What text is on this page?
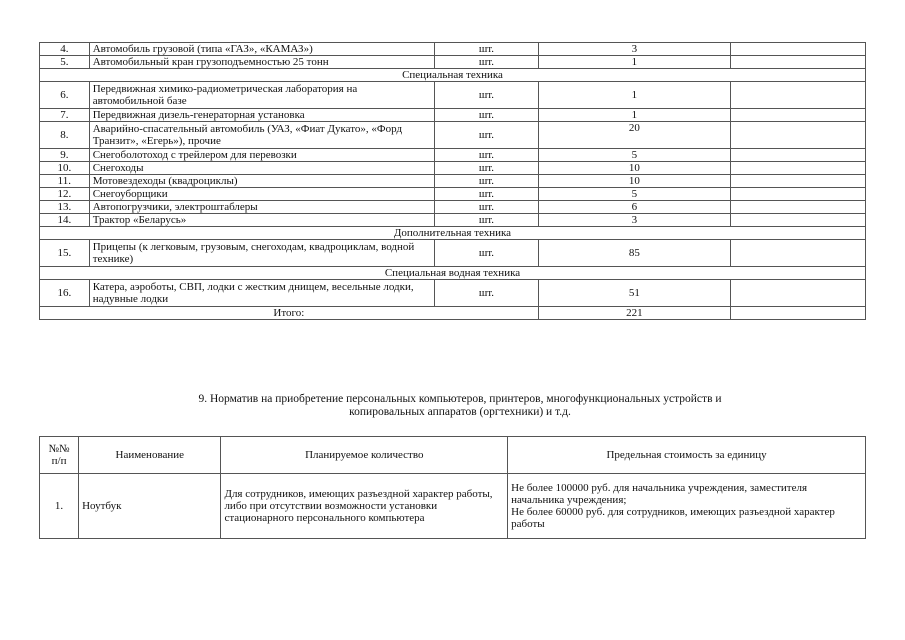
4.	Автомобиль грузовой (типа «ГАЗ», «КАМАЗ»)	шт.	3	
5.	Автомобильный кран грузоподъемностью 25 тонн	шт.	1	
Специальная техника				
6.	Передвижная химико-радиометрическая лаборатория на автомобильной базе	шт.	1	
7.	Передвижная дизель-генераторная установка	шт.	1	
8.	Аварийно-спасательный автомобиль (УАЗ, «Фиат Дукато», «Форд Транзит», «Егерь»), прочие	шт.	20	
9.	Снегоболотоход с трейлером для перевозки	шт.	5	
10.	Снегоходы	шт.	10	
11.	Мотовездеходы (квадроциклы)	шт.	10	
12.	Снегоуборщики	шт.	5	
13.	Автопогрузчики, электроштаблеры	шт.	6	
14.	Трактор «Беларусь»	шт.	3	
Дополнительная техника				
15.	Прицепы (к легковым, грузовым, снегоходам, квадроциклам, водной технике)	шт.	85	
Специальная водная техника				
16.	Катера, аэроботы, СВП, лодки с жестким днищем, весельные лодки, надувные лодки	шт.	51	
Итого:			221	
9. Норматив на приобретение персональных компьютеров, принтеров, многофункциональных устройств и копировальных аппаратов (оргтехники) и т.д.
№№ п/п	Наименование	Планируемое количество	Предельная стоимость за единицу
1.	Ноутбук	Для сотрудников, имеющих разъездной характер работы, либо при отсутствии возможности установки стационарного персонального компьютера	Не более 100000 руб. для начальника учреждения, заместителя начальника учреждения;
Не более 60000 руб. для сотрудников, имеющих разъездной характер работы
